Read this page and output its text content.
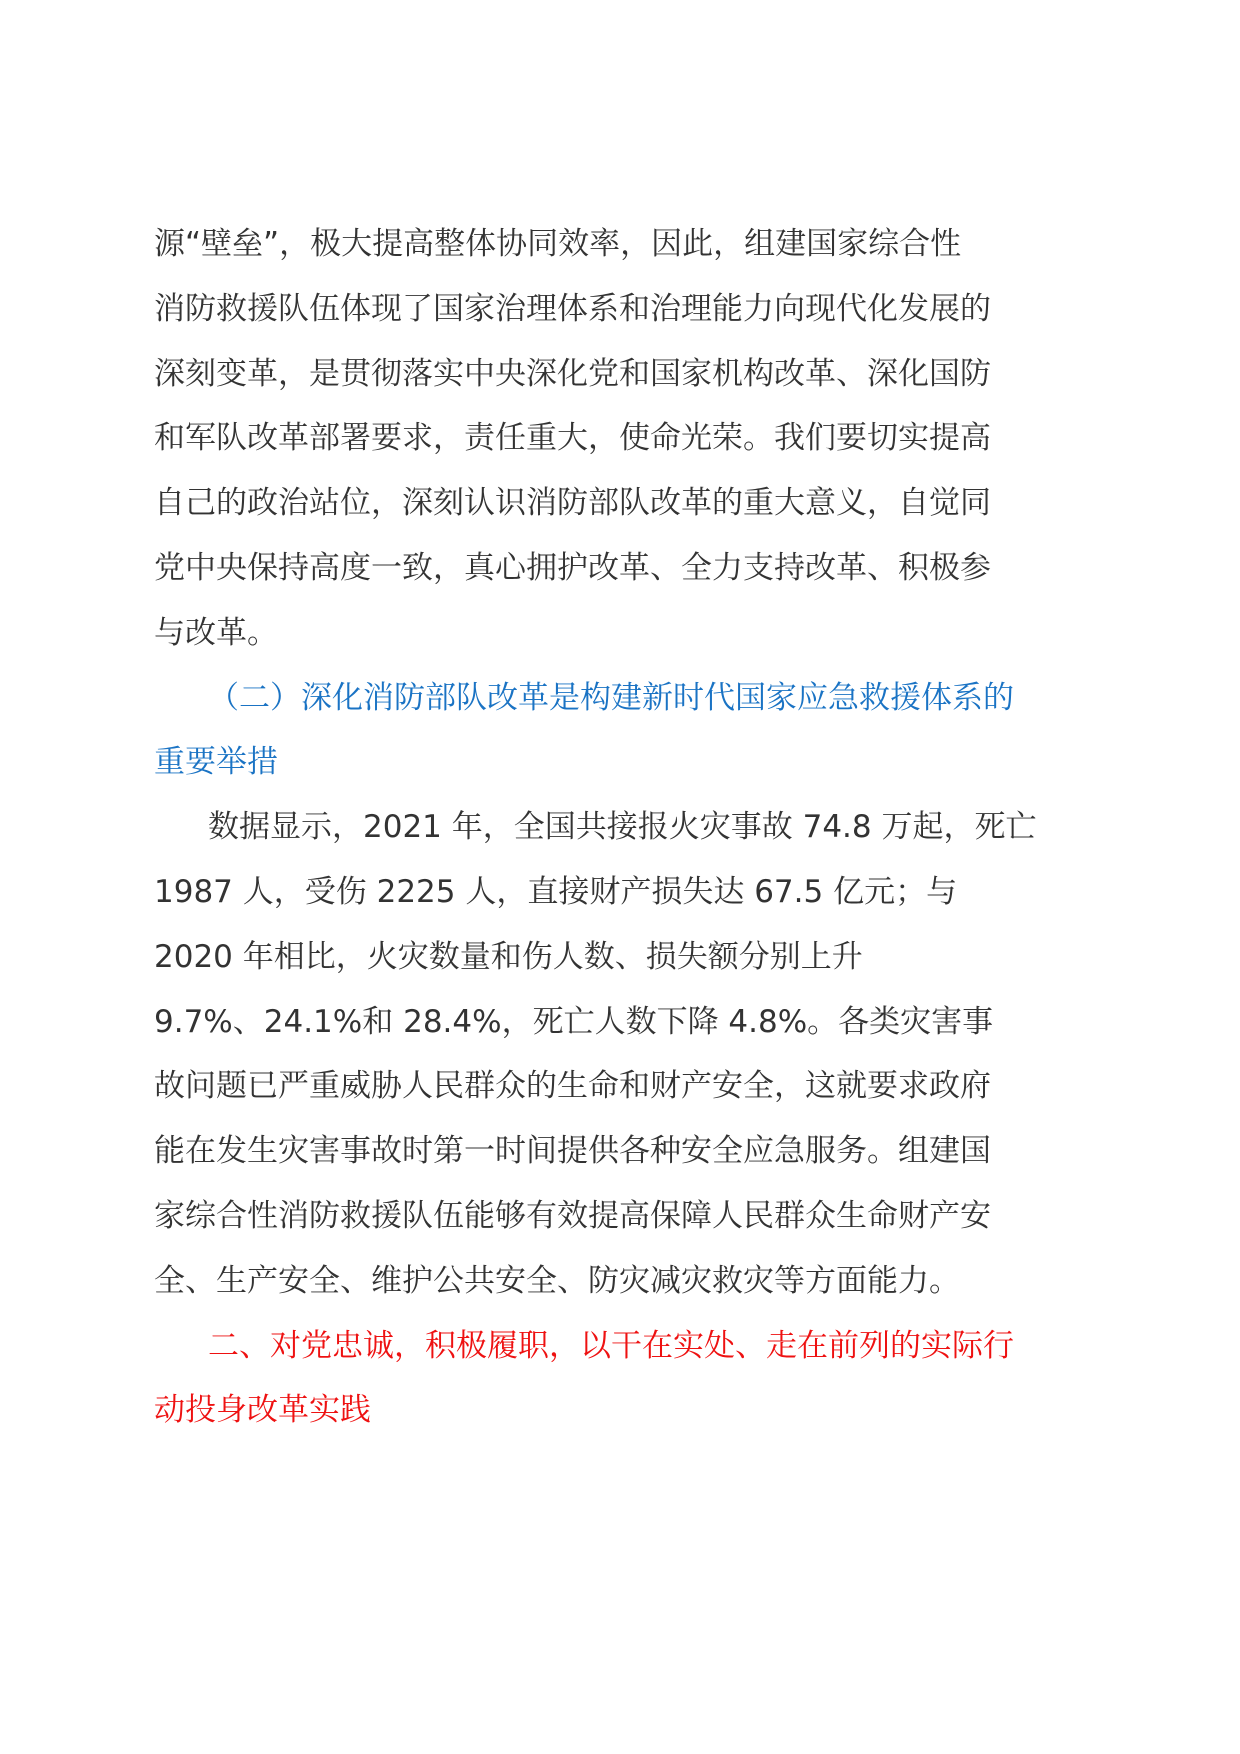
源“壁垒”，极大提高整体协同效率，因此，组建国家综合性
消防救援队伍体现了国家治理体系和治理能力向现代化发展的
深刻变革，是贯彻落实中央深化党和国家机构改革、深化国防
和军队改革部署要求，责任重大，使命光荣。我们要切实提高
自己的政治站位，深刻认识消防部队改革的重大意义，自觉同
党中央保持高度一致，真心拥护改革、全力支持改革、积极参
与改革。
（二）深化消防部队改革是构建新时代国家应急救援体系的
重要举措
数据显示，2021 年，全国共接报火灾事故 74.8 万起，死亡
1987 人，受伤 2225 人，直接财产损失达 67.5 亿元；与
2020 年相比，火灾数量和伤人数、损失额分别上升
9.7%、24.1%和 28.4%，死亡人数下降 4.8%。各类灾害事
故问题已严重威胁人民群众的生命和财产安全，这就要求政府
能在发生灾害事故时第一时间提供各种安全应急服务。组建国
家综合性消防救援队伍能够有效提高保障人民群众生命财产安
全、生产安全、维护公共安全、防灾减灾救灾等方面能力。
二、对党忠诚，积极履职，以干在实处、走在前列的实际行
动投身改革实践
